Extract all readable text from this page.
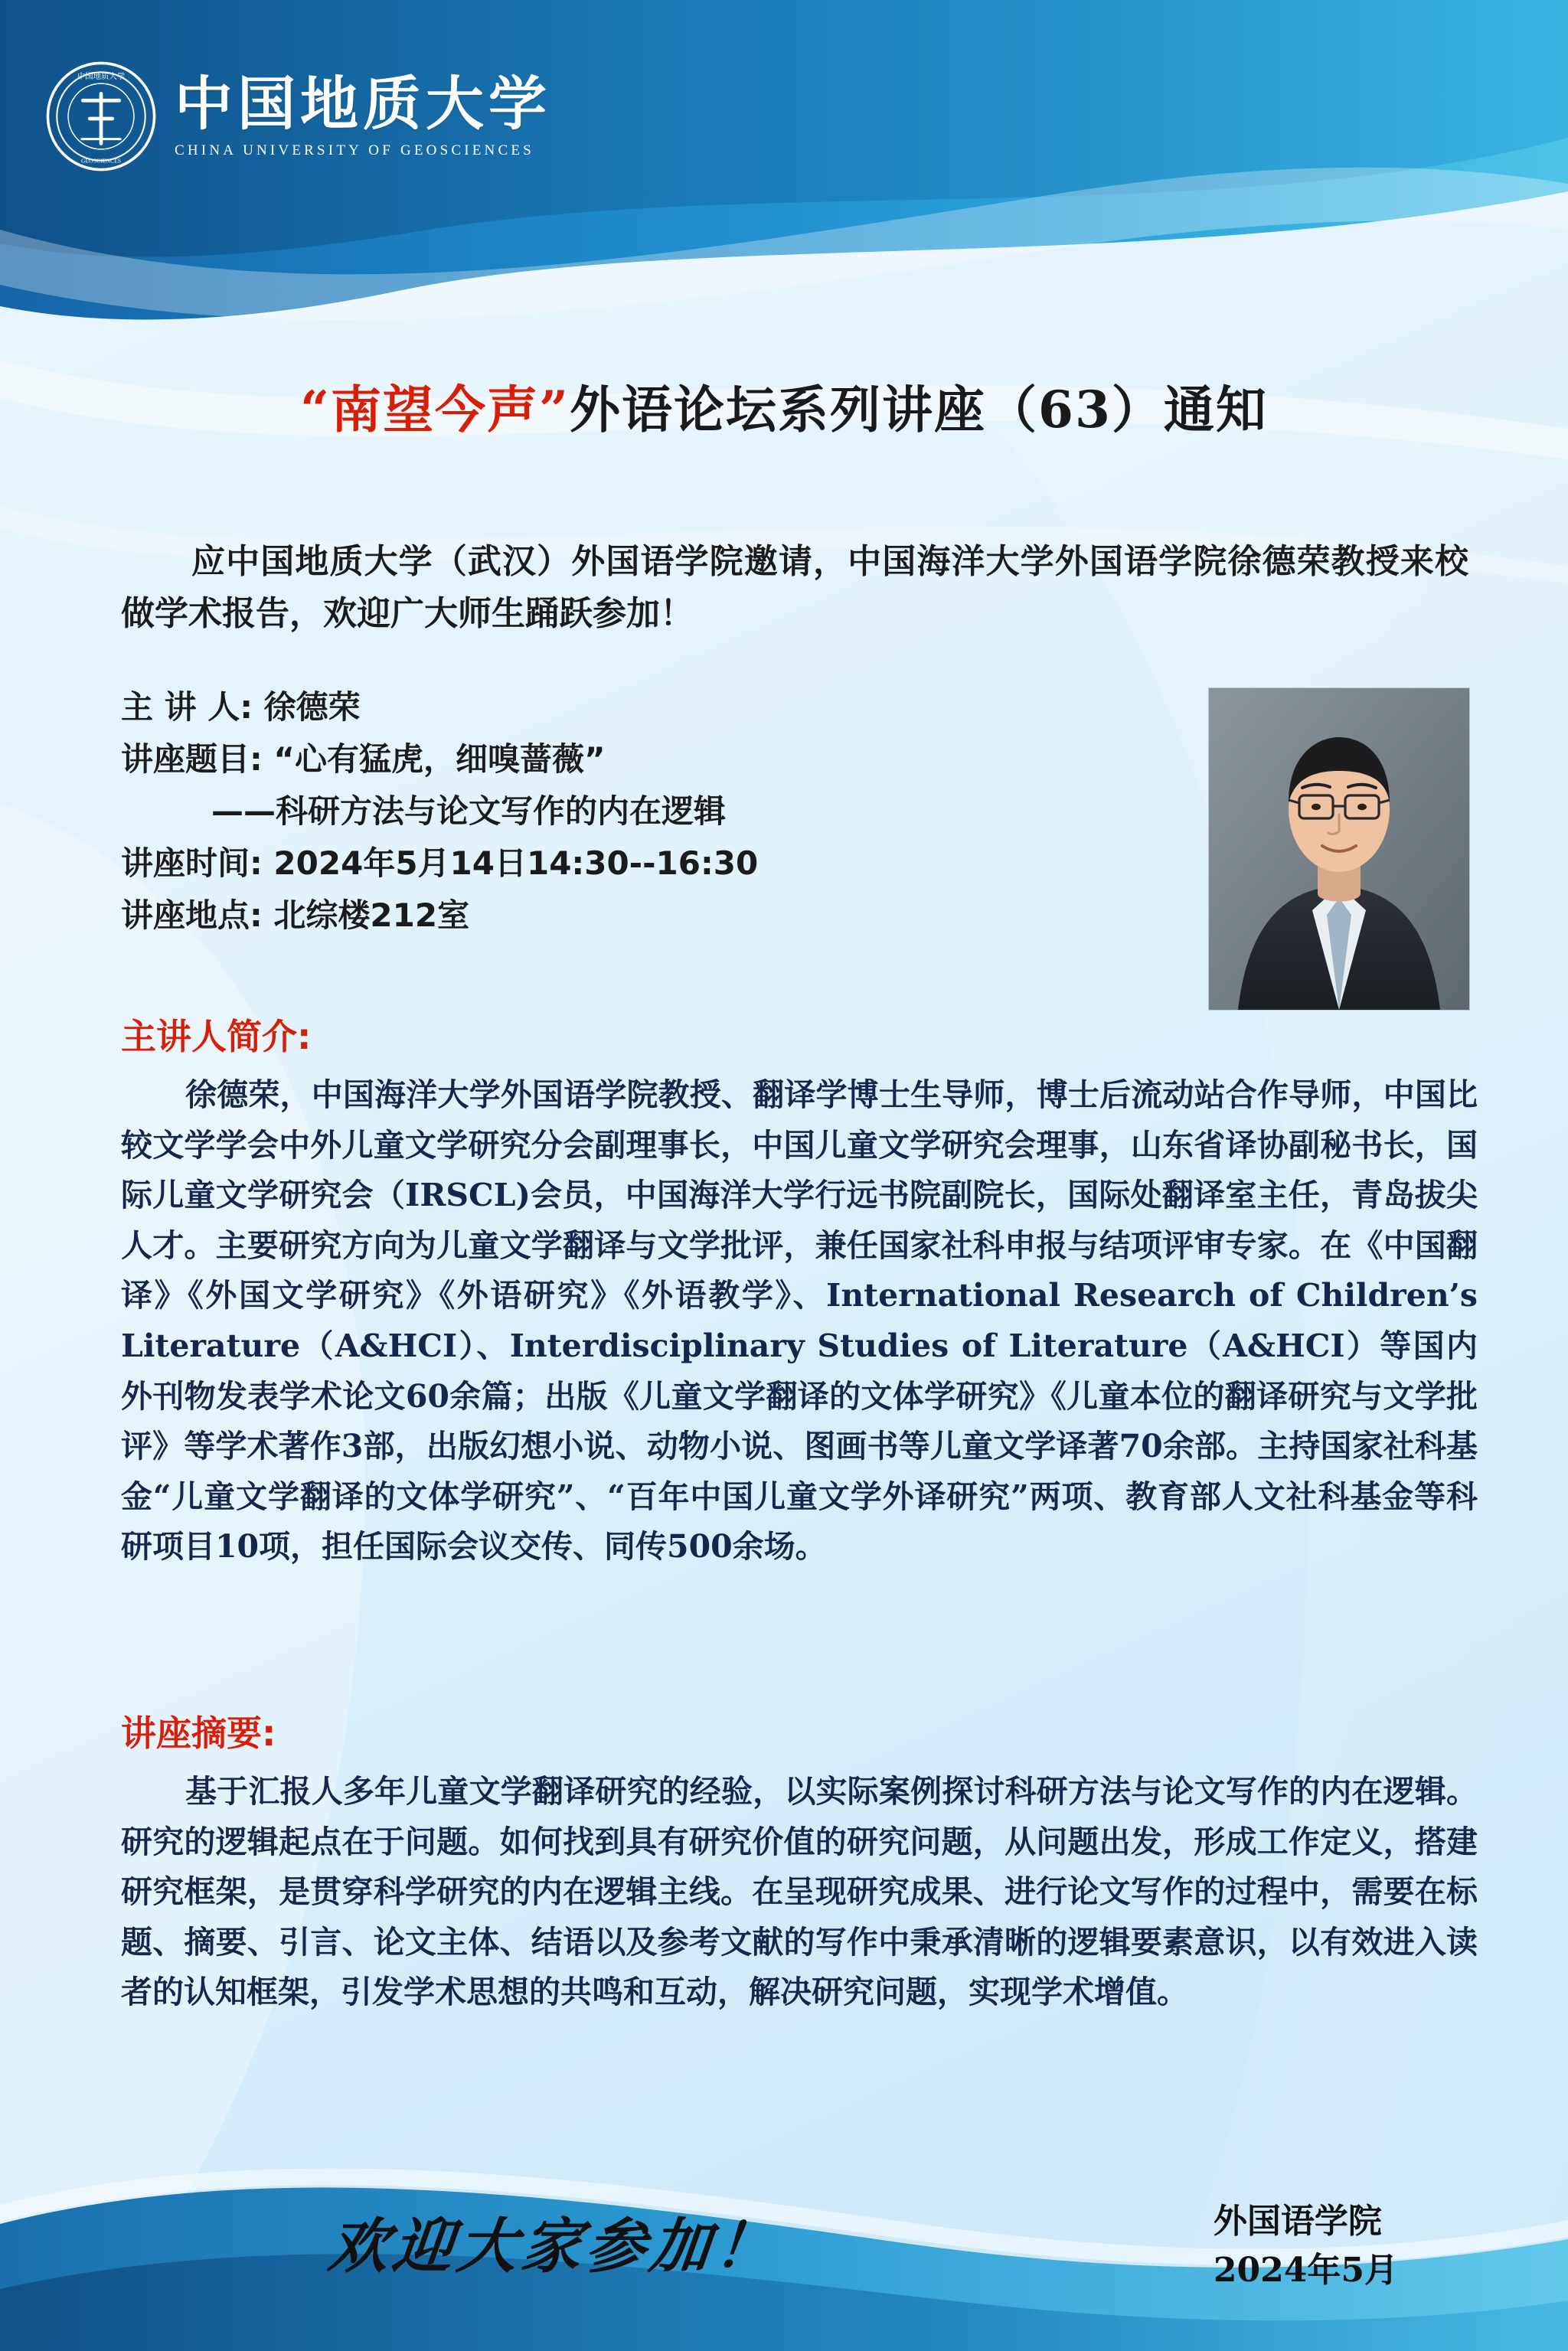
中国地质大学
GEOSCIENCES
中国地质大学
CHINA UNIVERSITY OF GEOSCIENCES
“南望今声”外语论坛系列讲座（63）通知
应中国地质大学（武汉）外国语学院邀请，中国海洋大学外国语学院徐德荣教授来校做学术报告，欢迎广大师生踊跃参加！
主 讲 人: 徐德荣
讲座题目: “心有猛虎，细嗅蔷薇”
——科研方法与论文写作的内在逻辑
讲座时间: 2024年5月14日14:30--16:30
讲座地点: 北综楼212室
主讲人简介:
徐德荣，中国海洋大学外国语学院教授、翻译学博士生导师，博士后流动站合作导师，中国比较文学学会中外儿童文学研究分会副理事长，中国儿童文学研究会理事，山东省译协副秘书长，国际儿童文学研究会（IRSCL)会员，中国海洋大学行远书院副院长，国际处翻译室主任，青岛拔尖人才。主要研究方向为儿童文学翻译与文学批评，兼任国家社科申报与结项评审专家。在《中国翻译》《外国文学研究》《外语研究》《外语教学》、International Research of Children’s Literature（A&HCI）、Interdisciplinary Studies of Literature（A&HCI）等国内外刊物发表学术论文60余篇；出版《儿童文学翻译的文体学研究》《儿童本位的翻译研究与文学批评》等学术著作3部，出版幻想小说、动物小说、图画书等儿童文学译著70余部。主持国家社科基金“儿童文学翻译的文体学研究”、“百年中国儿童文学外译研究”两项、教育部人文社科基金等科研项目10项，担任国际会议交传、同传500余场。
讲座摘要:
基于汇报人多年儿童文学翻译研究的经验，以实际案例探讨科研方法与论文写作的内在逻辑。研究的逻辑起点在于问题。如何找到具有研究价值的研究问题，从问题出发，形成工作定义，搭建研究框架，是贯穿科学研究的内在逻辑主线。在呈现研究成果、进行论文写作的过程中，需要在标题、摘要、引言、论文主体、结语以及参考文献的写作中秉承清晰的逻辑要素意识，以有效进入读者的认知框架，引发学术思想的共鸣和互动，解决研究问题，实现学术增值。
欢迎大家参加！	外国语学院
2024年5月
